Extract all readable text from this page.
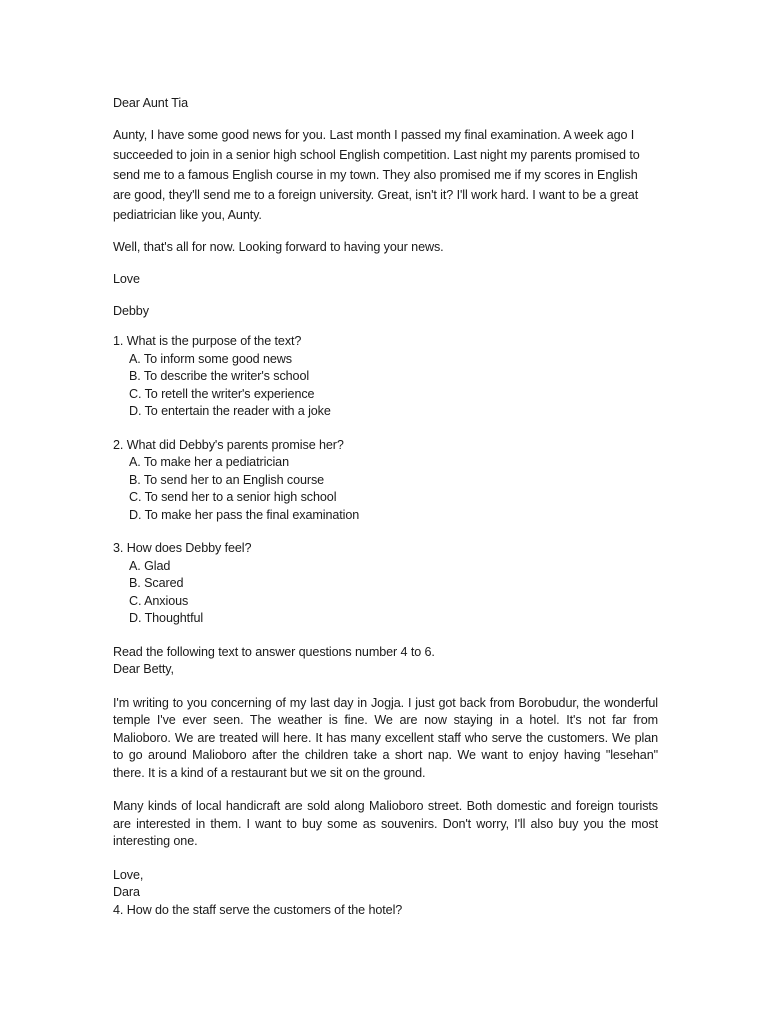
Dear Aunt Tia

Aunty, I have some good news for you. Last month I passed my final examination. A week ago I succeeded to join in a senior high school English competition. Last night my parents promised to send me to a famous English course in my town. They also promised me if my scores in English are good, they'll send me to a foreign university. Great, isn't it? I'll work hard. I want to be a great pediatrician like you, Aunty.

Well, that's all for now. Looking forward to having your news.

Love

Debby

1. What is the purpose of the text?

A. To inform some good news

B. To describe the writer's school

C. To retell the writer's experience

D. To entertain the reader with a joke

2. What did Debby's parents promise her?

A. To make her a pediatrician

B. To send her to an English course

C. To send her to a senior high school

D. To make her pass the final examination

3. How does Debby feel?

A. Glad

B. Scared

C. Anxious

D. Thoughtful

Read the following text to answer questions number 4 to 6.

Dear Betty,

I'm writing to you concerning of my last day in Jogja. I just got back from Borobudur, the wonderful temple I've ever seen. The weather is fine. We are now staying in a hotel. It's not far from Malioboro. We are treated will here. It has many excellent staff who serve the customers. We plan to go around Malioboro after the children take a short nap. We want to enjoy having "lesehan" there. It is a kind of a restaurant but we sit on the ground.

Many kinds of local handicraft are sold along Malioboro street. Both domestic and foreign tourists are interested in them. I want to buy some as souvenirs. Don't worry, I'll also buy you the most interesting one.

Love,

Dara

4. How do the staff serve the customers of the hotel?
